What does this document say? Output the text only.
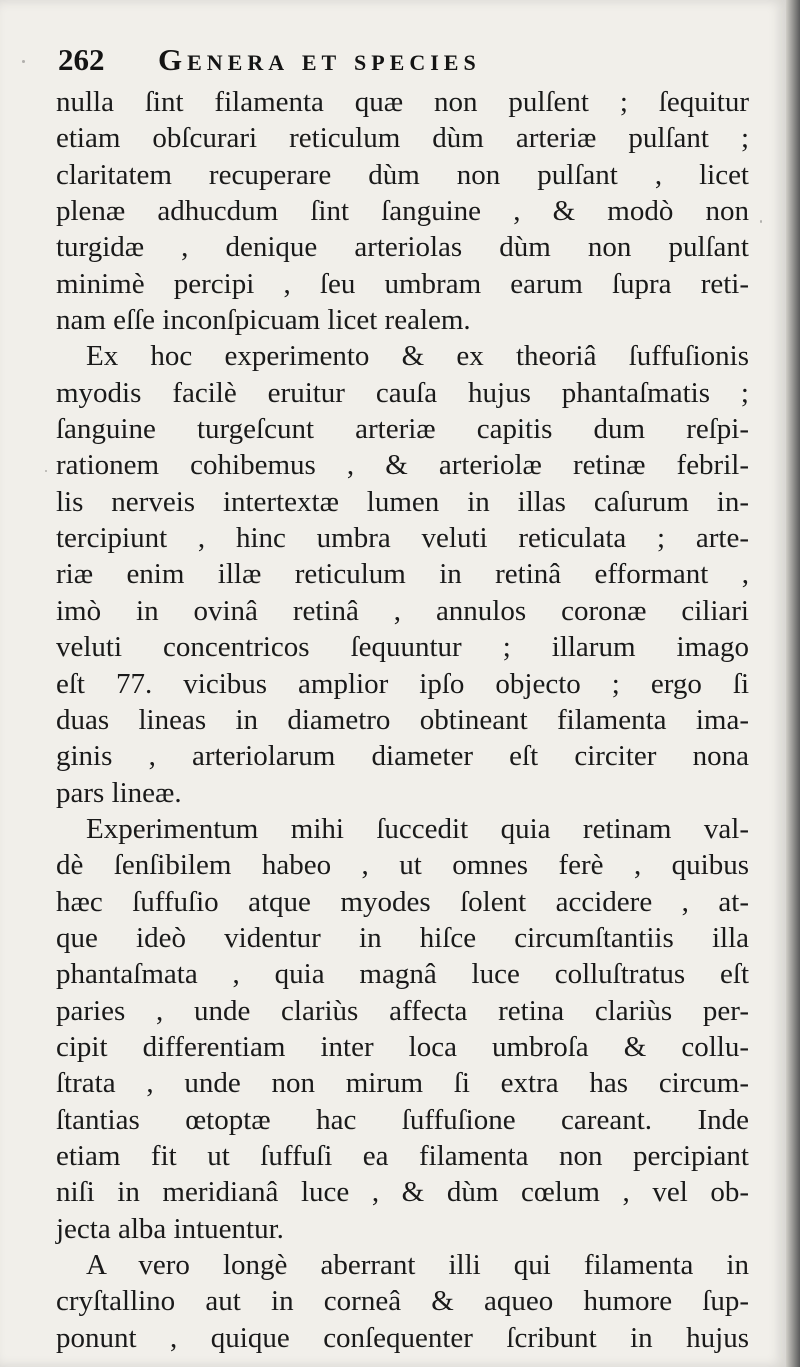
262 Genera et species
nulla ſint filamenta quæ non pulſent ; ſequitur
etiam obſcurari reticulum dùm arteriæ pulſant ;
claritatem recuperare dùm non pulſant , licet
plenæ adhucdum ſint ſanguine , & modò non
turgidæ , denique arteriolas dùm non pulſant
minimè percipi , ſeu umbram earum ſupra reti-
nam eſſe inconſpicuam licet realem.
Ex hoc experimento & ex theoriâ ſuffuſionis
myodis facilè eruitur cauſa hujus phantaſmatis ;
ſanguine turgeſcunt arteriæ capitis dum reſpi-
rationem cohibemus , & arteriolæ retinæ febril-
lis nerveis intertextæ lumen in illas caſurum in-
tercipiunt , hinc umbra veluti reticulata ; arte-
riæ enim illæ reticulum in retinâ efformant ,
imò in ovinâ retinâ , annulos coronæ ciliari
veluti concentricos ſequuntur ; illarum imago
eſt 77. vicibus amplior ipſo objecto ; ergo ſi
duas lineas in diametro obtineant filamenta ima-
ginis , arteriolarum diameter eſt circiter nona
pars lineæ.
Experimentum mihi ſuccedit quia retinam val-
dè ſenſibilem habeo , ut omnes ferè , quibus
hæc ſuffuſio atque myodes ſolent accidere , at-
que ideò videntur in hiſce circumſtantiis illa
phantaſmata , quia magnâ luce colluſtratus eſt
paries , unde clariùs affecta retina clariùs per-
cipit differentiam inter loca umbroſa & collu-
ſtrata , unde non mirum ſi extra has circum-
ſtantias œtoptæ hac ſuffuſione careant. Inde
etiam fit ut ſuffuſi ea filamenta non percipiant
niſi in meridianâ luce , & dùm cœlum , vel ob-
jecta alba intuentur.
A vero longè aberrant illi qui filamenta in
cryſtallino aut in corneâ & aqueo humore ſup-
ponunt , quique conſequenter ſcribunt in hujus
